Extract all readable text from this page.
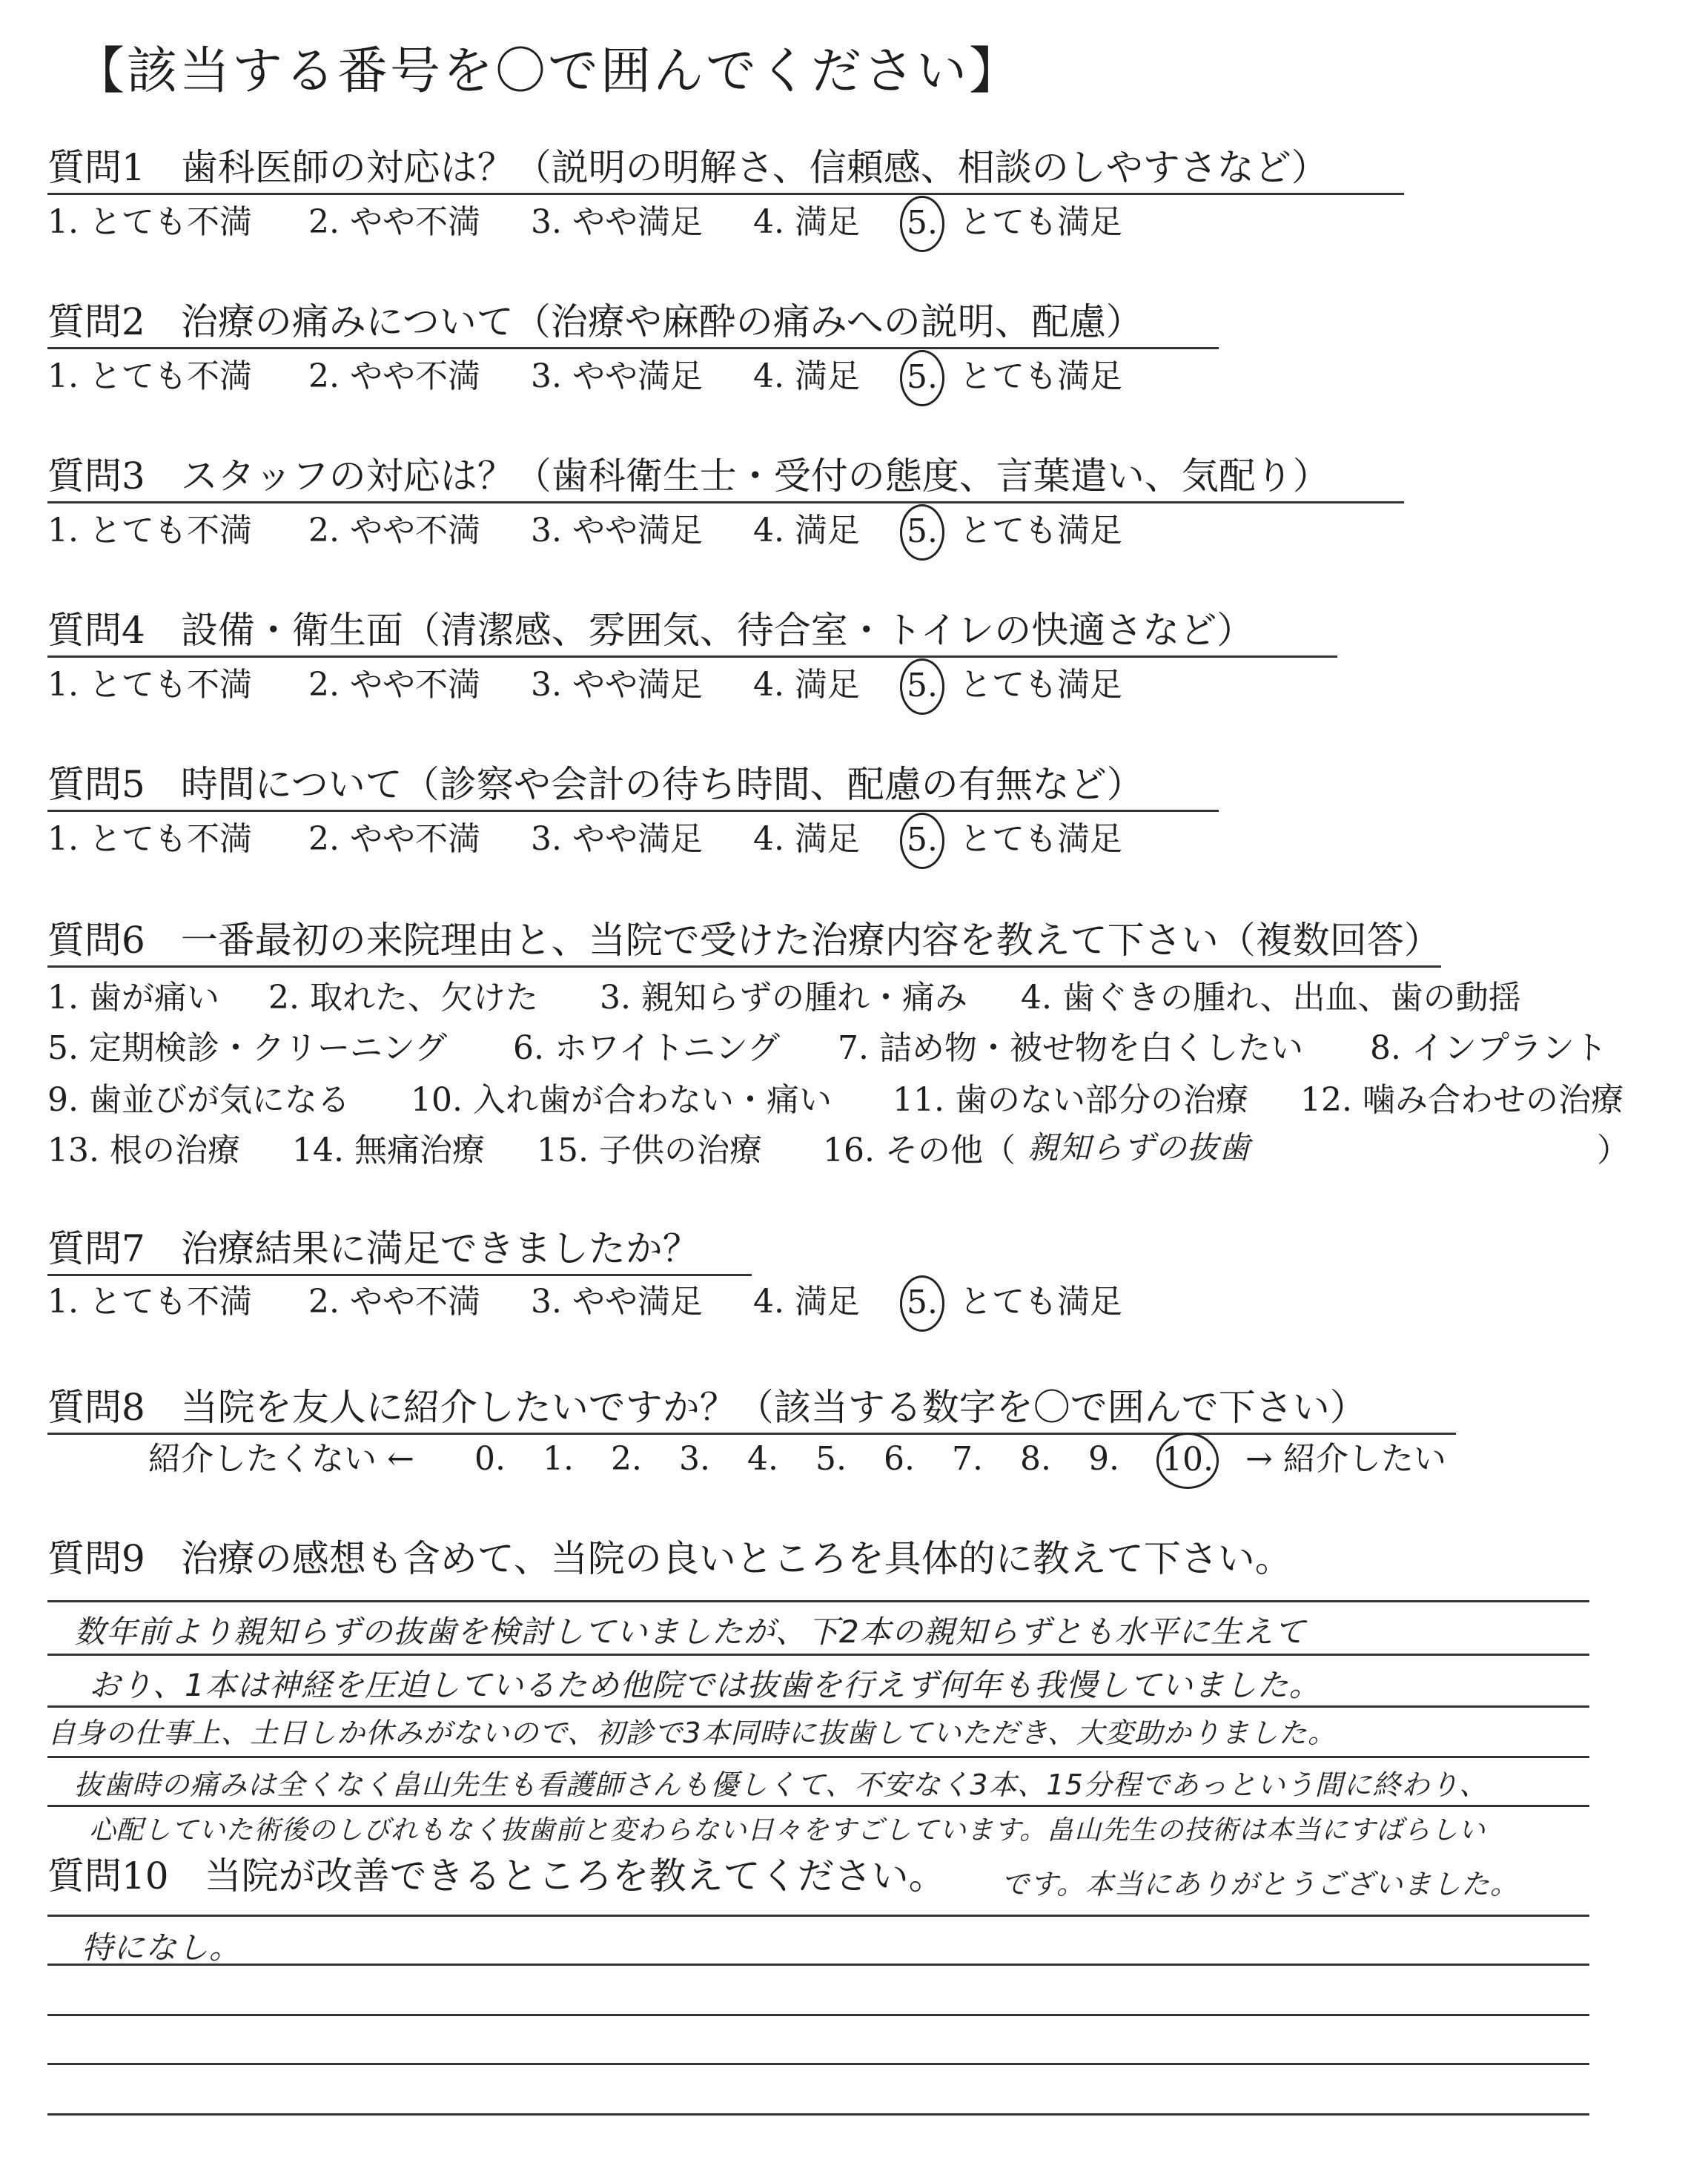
【該当する番号を〇で囲んでください】
質問1 歯科医師の対応は？（説明の明解さ、信頼感、相談のしやすさなど）
1. とても不満 2. やや不満 3. やや満足 4. 満足 5. とても満足
質問2 治療の痛みについて（治療や麻酔の痛みへの説明、配慮）
1. とても不満 2. やや不満 3. やや満足 4. 満足 5. とても満足
質問3 スタッフの対応は？（歯科衛生士・受付の態度、言葉遣い、気配り）
1. とても不満 2. やや不満 3. やや満足 4. 満足 5. とても満足
質問4 設備・衛生面（清潔感、雰囲気、待合室・トイレの快適さなど）
1. とても不満 2. やや不満 3. やや満足 4. 満足 5. とても満足
質問5 時間について（診察や会計の待ち時間、配慮の有無など）
1. とても不満 2. やや不満 3. やや満足 4. 満足 5. とても満足
質問6 一番最初の来院理由と、当院で受けた治療内容を教えて下さい（複数回答）
1. 歯が痛い 2. 取れた、欠けた 3. 親知らずの腫れ・痛み 4. 歯ぐきの腫れ、出血、歯の動揺
5. 定期検診・クリーニング 6. ホワイトニング 7. 詰め物・被せ物を白くしたい 8. インプラント
9. 歯並びが気になる 10. 入れ歯が合わない・痛い 11. 歯のない部分の治療 12. 噛み合わせの治療
13. 根の治療 14. 無痛治療 15. 子供の治療 16. その他（ 親知らずの抜歯	）
質問7 治療結果に満足できましたか？
1. とても不満 2. やや不満 3. やや満足 4. 満足 5. とても満足
質問8 当院を友人に紹介したいですか？（該当する数字を〇で囲んで下さい）
紹介したくない ← 0. 1. 2. 3. 4. 5. 6. 7. 8. 9. 10. → 紹介したい
質問9 治療の感想も含めて、当院の良いところを具体的に教えて下さい。
数年前より親知らずの抜歯を検討していましたが、下2本の親知らずとも水平に生えて
おり、1本は神経を圧迫しているため他院では抜歯を行えず何年も我慢していました。
自身の仕事上、土日しか休みがないので、初診で3本同時に抜歯していただき、大変助かりました。
抜歯時の痛みは全くなく畠山先生も看護師さんも優しくて、不安なく3本、15分程であっという間に終わり、
心配していた術後のしびれもなく抜歯前と変わらない日々をすごしています。畠山先生の技術は本当にすばらしい
質問10 当院が改善できるところを教えてください。 です。本当にありがとうございました。
特になし。
